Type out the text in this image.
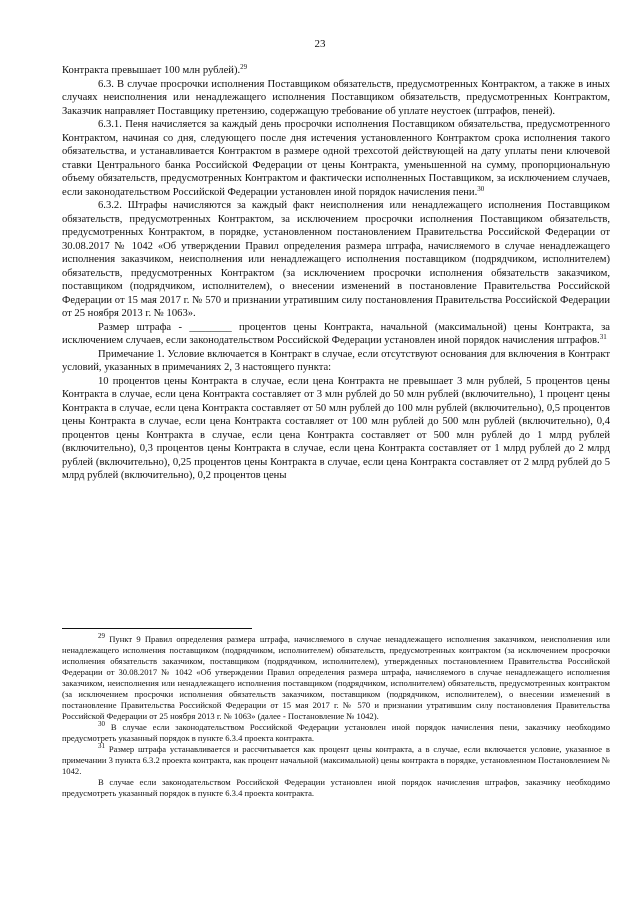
23

Контракта превышает 100 млн рублей).$^{29}$

6.3. В случае просрочки исполнения Поставщиком обязательств, предусмотренных Контрактом, а также в иных случаях неисполнения или ненадлежащего исполнения Поставщиком обязательств, предусмотренных Контрактом, Заказчик направляет Поставщику претензию, содержащую требование об уплате неустоек (штрафов, пеней).

6.3.1. Пеня начисляется за каждый день просрочки исполнения Поставщиком обязательства, предусмотренного Контрактом, начиная со дня, следующего после дня истечения установленного Контрактом срока исполнения такого обязательства, и устанавливается Контрактом в размере одной трехсотой действующей на дату уплаты пени ключевой ставки Центрального банка Российской Федерации от цены Контракта, уменьшенной на сумму, пропорциональную объему обязательств, предусмотренных Контрактом и фактически исполненных Поставщиком, за исключением случаев, если законодательством Российской Федерации установлен иной порядок начисления пени.$^{30}$

6.3.2. Штрафы начисляются за каждый факт неисполнения или ненадлежащего исполнения Поставщиком обязательств, предусмотренных Контрактом, за исключением просрочки исполнения Поставщиком обязательств, предусмотренных Контрактом, в порядке, установленном постановлением Правительства Российской Федерации от 30.08.2017 № 1042 «Об утверждении Правил определения размера штрафа, начисляемого в случае ненадлежащего исполнения заказчиком, неисполнения или ненадлежащего исполнения поставщиком (подрядчиком, исполнителем) обязательств, предусмотренных Контрактом (за исключением просрочки исполнения обязательств заказчиком, поставщиком (подрядчиком, исполнителем), о внесении изменений в постановление Правительства Российской Федерации от 15 мая 2017 г. № 570 и признании утратившим силу постановления Правительства Российской Федерации от 25 ноября 2013 г. № 1063».

Размер штрафа - ________ процентов цены Контракта, начальной (максимальной) цены Контракта, за исключением случаев, если законодательством Российской Федерации установлен иной порядок начисления штрафов.$^{31}$

Примечание 1. Условие включается в Контракт в случае, если отсутствуют основания для включения в Контракт условий, указанных в примечаниях 2, 3 настоящего пункта:

10 процентов цены Контракта в случае, если цена Контракта не превышает 3 млн рублей, 5 процентов цены Контракта в случае, если цена Контракта составляет от 3 млн рублей до 50 млн рублей (включительно), 1 процент цены Контракта в случае, если цена Контракта составляет от 50 млн рублей до 100 млн рублей (включительно), 0,5 процентов цены Контракта в случае, если цена Контракта составляет от 100 млн рублей до 500 млн рублей (включительно), 0,4 процентов цены Контракта в случае, если цена Контракта составляет от 500 млн рублей до 1 млрд рублей (включительно), 0,3 процентов цены Контракта в случае, если цена Контракта составляет от 1 млрд рублей до 2 млрд рублей (включительно), 0,25 процентов цены Контракта в случае, если цена Контракта составляет от 2 млрд рублей до 5 млрд рублей (включительно), 0,2 процентов цены

$^{29}$ Пункт 9 Правил определения размера штрафа, начисляемого в случае ненадлежащего исполнения заказчиком, неисполнения или ненадлежащего исполнения поставщиком (подрядчиком, исполнителем) обязательств, предусмотренных контрактом (за исключением просрочки исполнения обязательств заказчиком, поставщиком (подрядчиком, исполнителем), утвержденных постановлением Правительства Российской Федерации от 30.08.2017 № 1042 «Об утверждении Правил определения размера штрафа, начисляемого в случае ненадлежащего исполнения заказчиком, неисполнения или ненадлежащего исполнения поставщиком (подрядчиком, исполнителем) обязательств, предусмотренных контрактом (за исключением просрочки исполнения обязательств заказчиком, поставщиком (подрядчиком, исполнителем), о внесении изменений в постановление Правительства Российской Федерации от 15 мая 2017 г. № 570 и признании утратившим силу постановления Правительства Российской Федерации от 25 ноября 2013 г. № 1063» (далее - Постановление № 1042).

$^{30}$ В случае если законодательством Российской Федерации установлен иной порядок начисления пени, заказчику необходимо предусмотреть указанный порядок в пункте 6.3.4 проекта контракта.

$^{31}$ Размер штрафа устанавливается и рассчитывается как процент цены контракта, а в случае, если включается условие, указанное в примечании 3 пункта 6.3.2 проекта контракта, как процент начальной (максимальной) цены контракта в порядке, установленном Постановлением № 1042.

В случае если законодательством Российской Федерации установлен иной порядок начисления штрафов, заказчику необходимо предусмотреть указанный порядок в пункте 6.3.4 проекта контракта.
